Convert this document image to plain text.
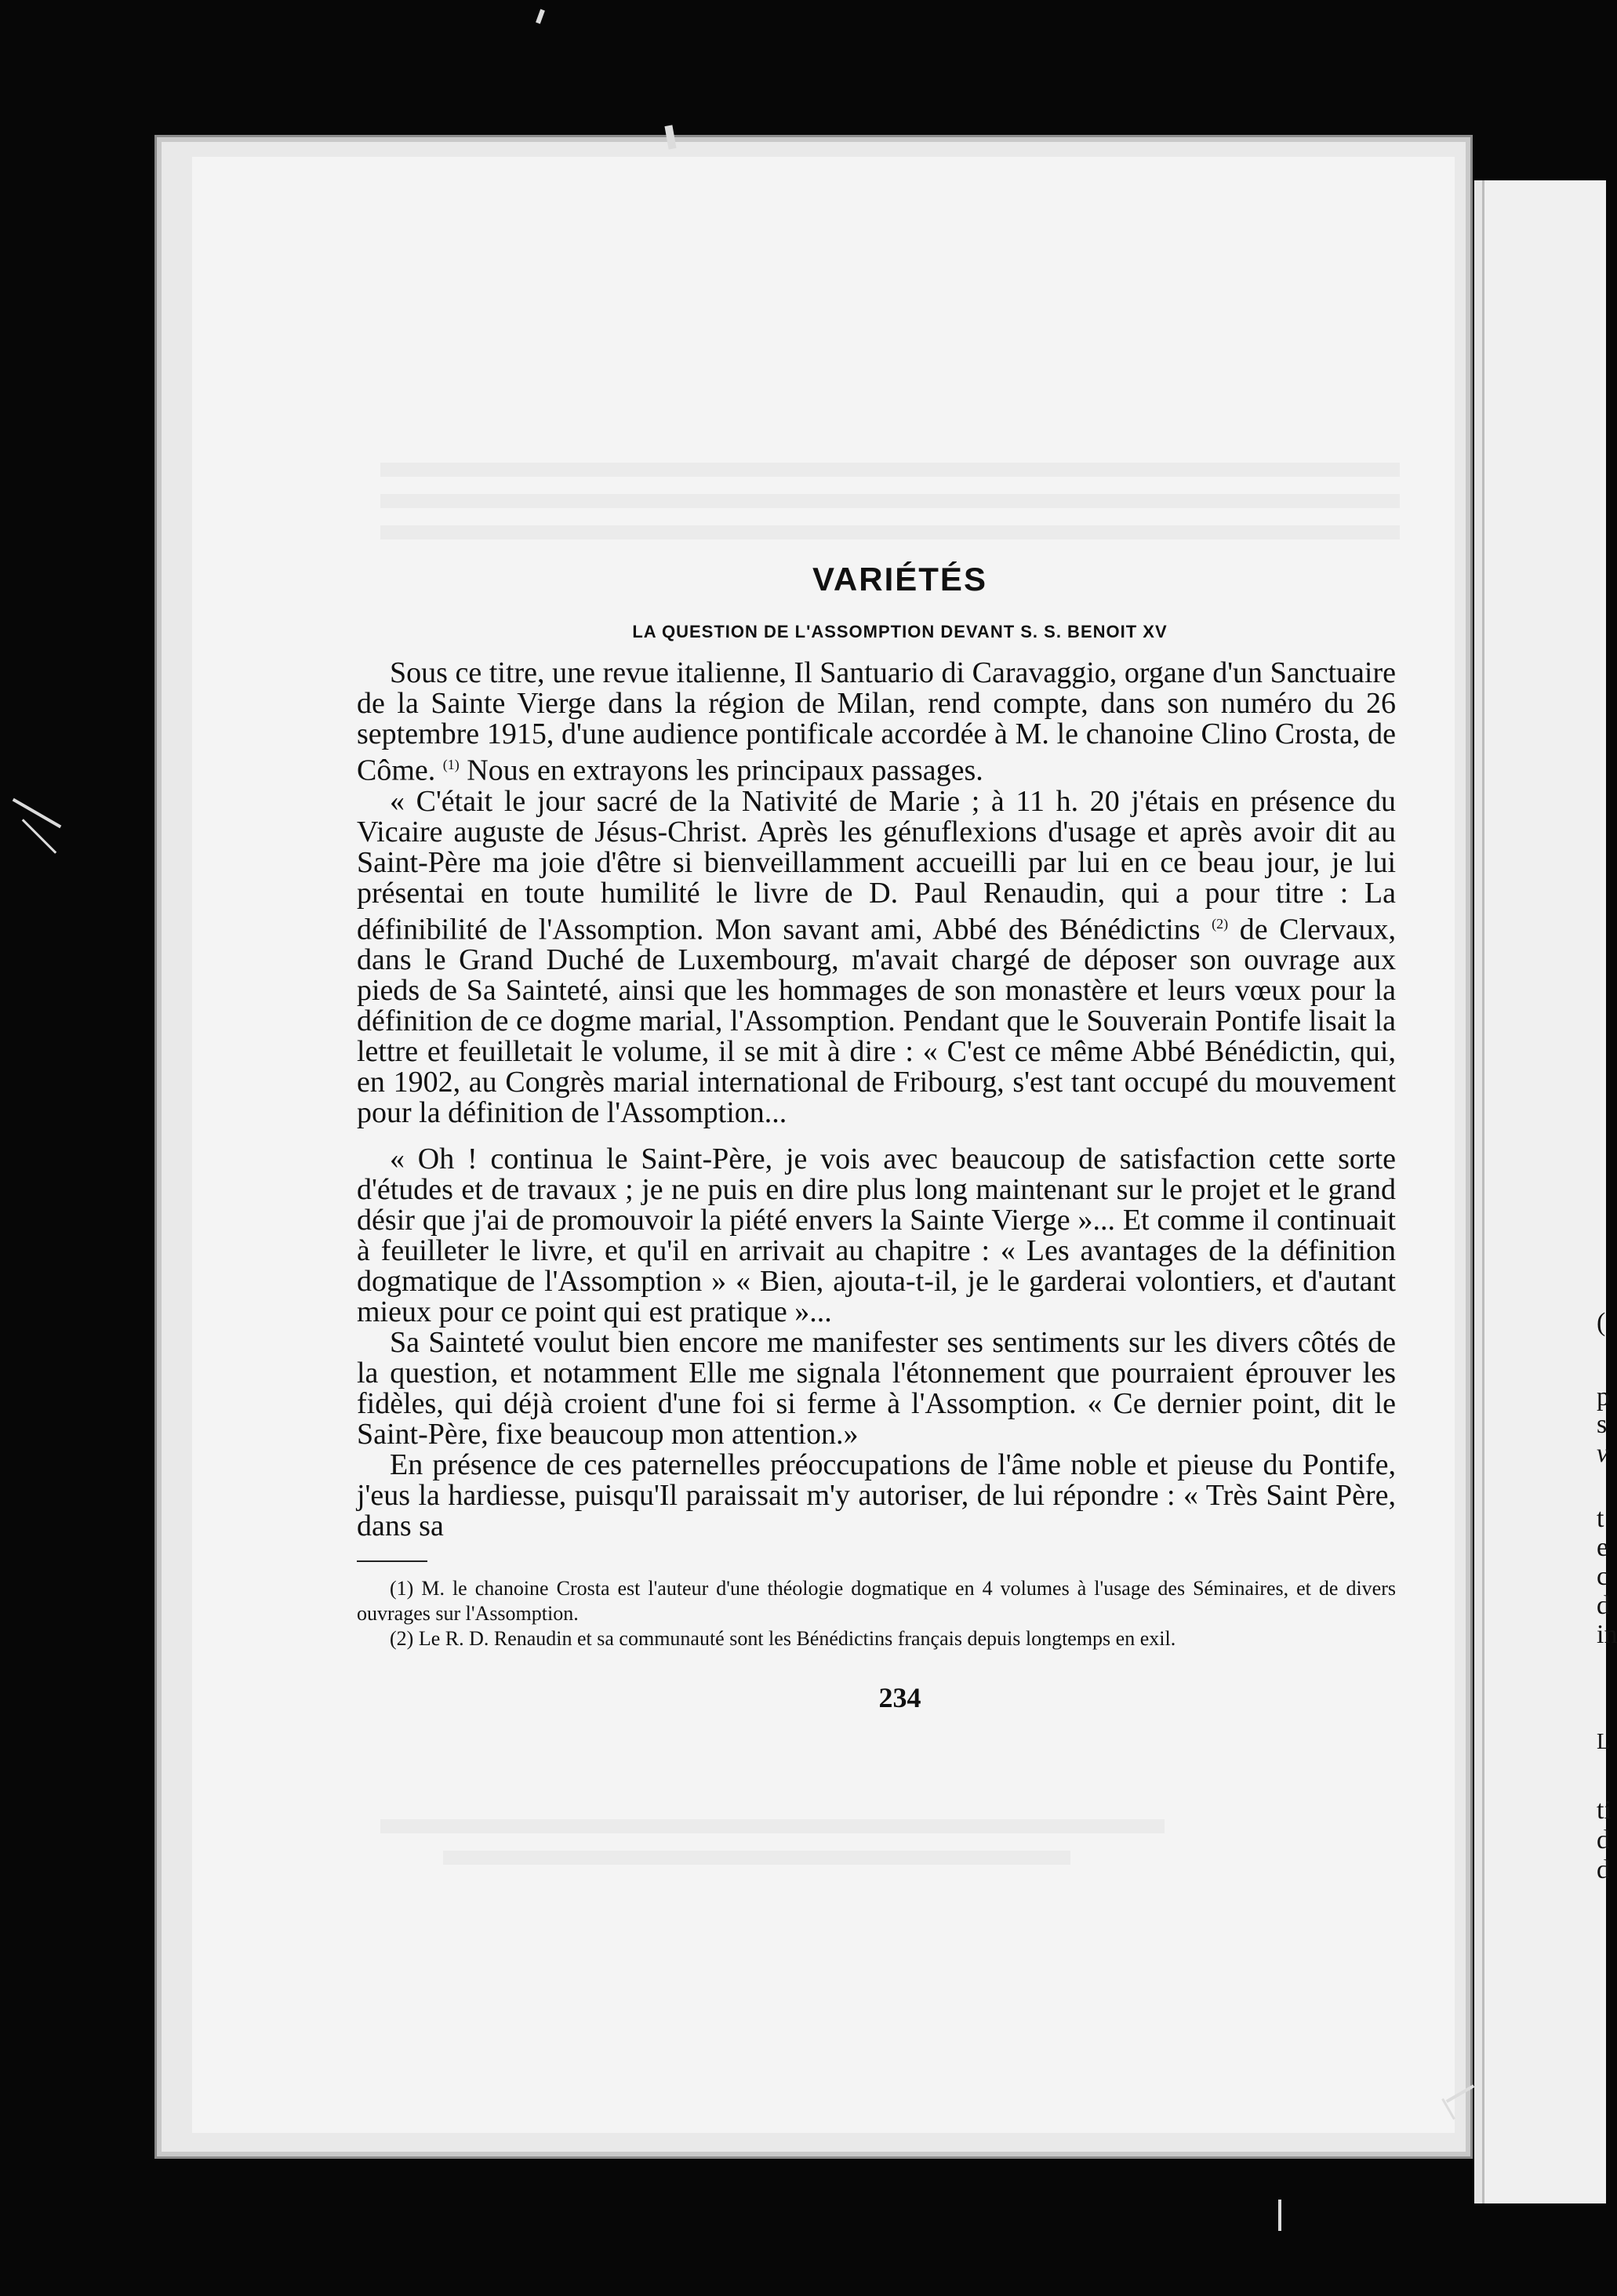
VARIÉTÉS
LA QUESTION DE L'ASSOMPTION DEVANT S. S. BENOIT XV

Sous ce titre, une revue italienne, Il Santuario di Caravaggio, organe d'un Sanctuaire de la Sainte Vierge dans la région de Milan, rend compte, dans son numéro du 26 septembre 1915, d'une audience pontificale accordée à M. le chanoine Clino Crosta, de Côme. $^{(1)}$ Nous en extrayons les principaux passages.

« C'était le jour sacré de la Nativité de Marie ; à 11 h. 20 j'étais en présence du Vicaire auguste de Jésus-Christ. Après les génuflexions d'usage et après avoir dit au Saint-Père ma joie d'être si bienveillamment accueilli par lui en ce beau jour, je lui présentai en toute humilité le livre de D. Paul Renaudin, qui a pour titre : La définibilité de l'Assomption. Mon savant ami, Abbé des Bénédictins $^{(2)}$ de Clervaux, dans le Grand Duché de Luxembourg, m'avait chargé de déposer son ouvrage aux pieds de Sa Sainteté, ainsi que les hommages de son monastère et leurs vœux pour la définition de ce dogme marial, l'Assomption. Pendant que le Souverain Pontife lisait la lettre et feuilletait le volume, il se mit à dire : « C'est ce même Abbé Bénédictin, qui, en 1902, au Congrès marial international de Fribourg, s'est tant occupé du mouvement pour la définition de l'Assomption...

« Oh ! continua le Saint-Père, je vois avec beaucoup de satisfaction cette sorte d'études et de travaux ; je ne puis en dire plus long maintenant sur le projet et le grand désir que j'ai de promouvoir la piété envers la Sainte Vierge »... Et comme il continuait à feuilleter le livre, et qu'il en arrivait au chapitre : « Les avantages de la définition dogmatique de l'Assomption » « Bien, ajouta-t-il, je le garderai volontiers, et d'autant mieux pour ce point qui est pratique »...

Sa Sainteté voulut bien encore me manifester ses sentiments sur les divers côtés de la question, et notamment Elle me signala l'étonnement que pourraient éprouver les fidèles, qui déjà croient d'une foi si ferme à l'Assomption. « Ce dernier point, dit le Saint-Père, fixe beaucoup mon attention.»

En présence de ces paternelles préoccupations de l'âme noble et pieuse du Pontife, j'eus la hardiesse, puisqu'Il paraissait m'y autoriser, de lui répondre : « Très Saint Père, dans sa

(1) M. le chanoine Crosta est l'auteur d'une théologie dogmatique en 4 volumes à l'usage des Séminaires, et de divers ouvrages sur l'Assomption.

(2) Le R. D. Renaudin et sa communauté sont les Bénédictins français depuis longtemps en exil.

234
(
p
s
v
t
e
c
d
in
L
ti
d
d
